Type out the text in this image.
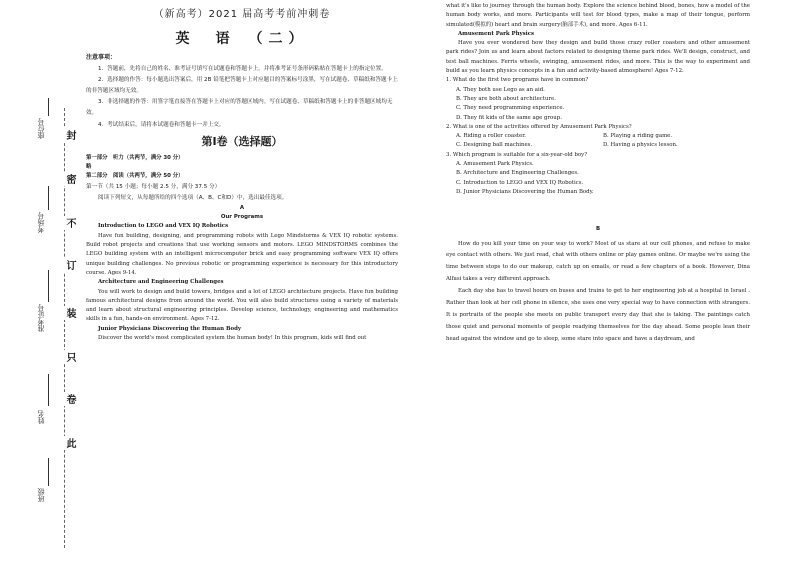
封
密
不
订
装
只
卷
此
座位号
考场号
准考证号
姓名
班级
（新高考）2021 届高考考前冲刺卷
英　语　（二）
注意事项：

1．答题前，先将自己的姓名、准考证号填写在试题卷和答题卡上，并将准考证号条形码粘贴在答题卡上的指定位置。

2．选择题的作答：每小题选出答案后，用 2B 铅笔把答题卡上对应题目的答案标号涂黑，写在试题卷、草稿纸和答题卡上的非答题区域均无效。

3．非选择题的作答：用签字笔直接答在答题卡上对应的答题区域内。写在试题卷、草稿纸和答题卡上的非答题区域均无效。

4．考试结束后，请将本试题卷和答题卡一并上交。

第Ⅰ卷（选择题）

第一部分　听力（共两节，满分 30 分）

略

第二部分　阅读（共两节，满分 50 分）

第一节（共 15 小题；每小题 2.5 分，满分 37.5 分）

阅读下列短文，从每题所给的四个选项（A、B、C和D）中，选出最佳选项。

A

Our Programs

Introduction to LEGO and VEX IQ Robotics

Have fun building, designing, and programming robots with Lego Mindstorms & VEX IQ robotic systems. Build robot projects and creations that use working sensors and motors. LEGO MINDSTORMS combines the LEGO building system with an intelligent microcomputer brick and easy programming software VEX IQ offers unique building challenges. No previous robotic or programming experience is necessary for this introductory course. Ages 9-14.

Architecture and Engineering Challenges

You will work to design and build towers, bridges and a lot of LEGO architecture projects. Have fun building famous architectural designs from around the world. You will also build structures using a variety of materials and learn about structural engineering principles. Develop science, technology, engineering and mathematics skills in a fun, hands-on environment. Ages 7-12.

Junior Physicians Discovering the Human Body

Discover the world's most complicated system the human body! In this program, kids will find out

what it's like to journey through the human body. Explore the science behind blood, bones, how a model of the human body works, and more. Participants will test for blood types, make a map of their tongue, perform simulated(模拟的) heart and brain surgery(脑部手术), and more. Ages 6-11.

Amusement Park Physics

Have you ever wondered how they design and build those crazy roller coasters and other amusement park rides? Join us and learn about factors related to designing theme park rides. We'll design, construct, and test ball machines. Ferris wheels, swinging, amusement rides, and more. This is the way to experiment and build as you learn physics concepts in a fun and activity-based atmosphere! Ages 7-12.

1. What do the first two programs have in common?

A. They both use Lego as an aid.

B. They are both about architecture.

C. They need programming experience.

D. They fit kids of the same age group.

2. What is one of the activities offered by Amusement Park Physics?

A. Riding a roller coaster.	B. Playing a riding game.
C. Designing ball machines.	D. Having a physics lesson.

3. Which program is suitable for a six-year-old boy?

A. Amusement Park Physics.

B. Architecture and Engineering Challenges.

C. Introduction to LEGO and VEX IQ Robotics.

D. Junior Physicians Discovering the Human Body.

B

How do you kill your time on your way to work? Most of us stare at our cell phones, and refuse to make eye contact with others. We just read, chat with others online or play games online. Or maybe we're using the time between stops to do our makeup, catch up on emails, or read a few chapters of a book. However, Dina Alfasi takes a very different approach.

Each day she has to travel hours on buses and trains to get to her engineering job at a hospital in Israel . Rather than look at her cell phone in silence, she uses one very special way to have connection with strangers. It is portraits of the people she meets on public transport every day that she is taking. The paintings catch those quiet and personal moments of people readying themselves for the day ahead. Some people lean their head against the window and go to sleep, some stare into space and have a daydream, and
